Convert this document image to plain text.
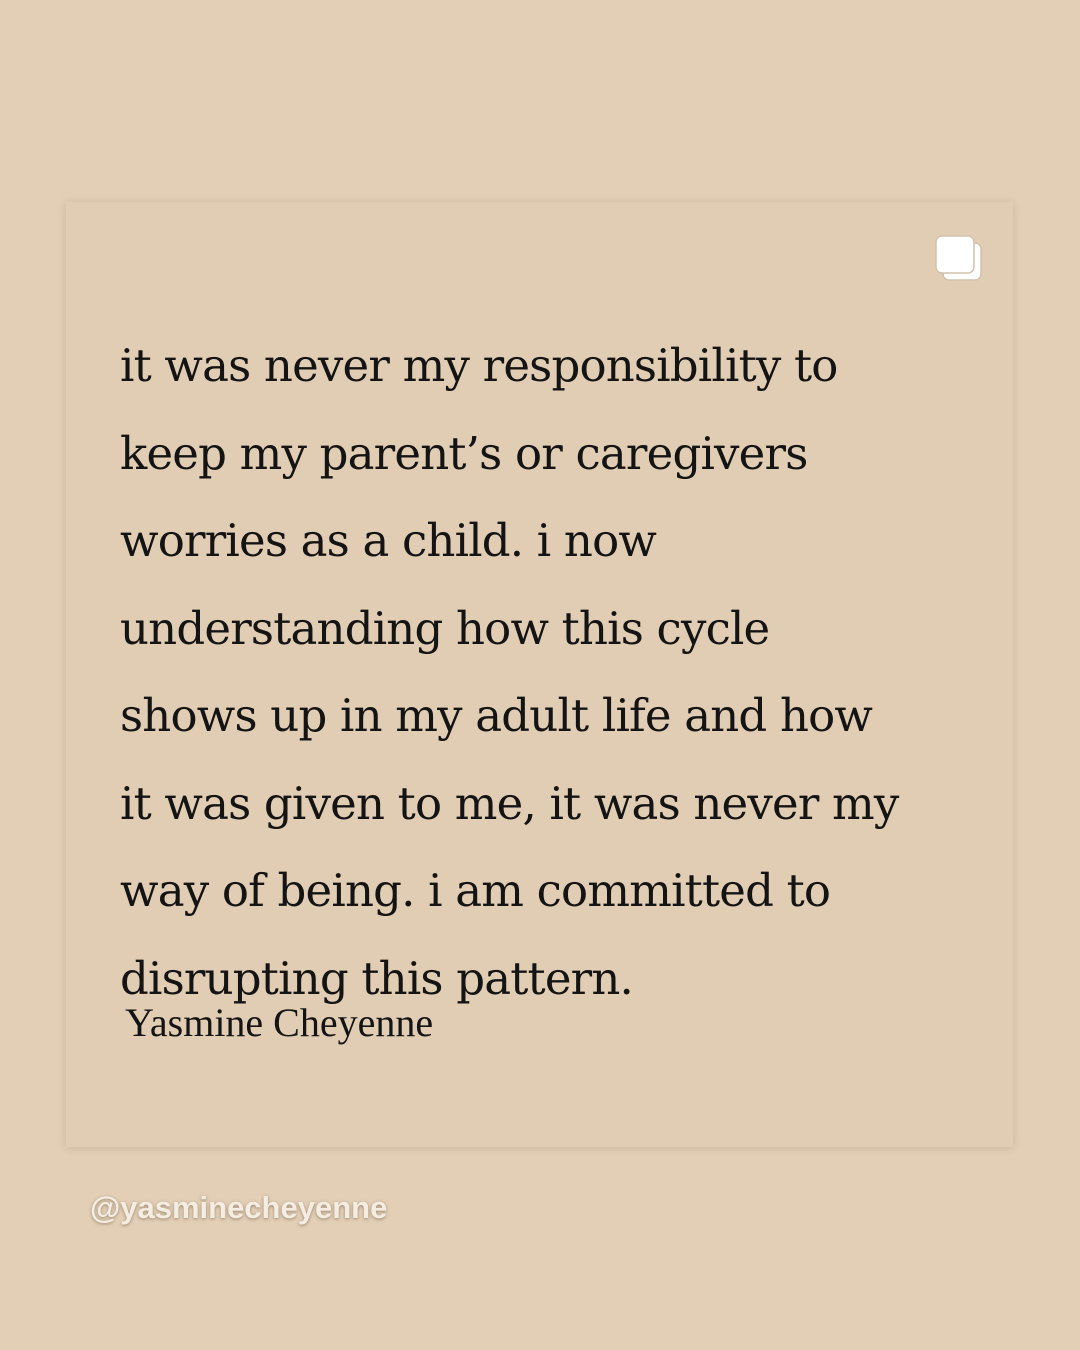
it was never my responsibility to
keep my parent’s or caregivers
worries as a child. i now
understanding how this cycle
shows up in my adult life and how
it was given to me, it was never my
way of being. i am committed to
disrupting this pattern.

Yasmine Cheyenne

@yasminecheyenne
